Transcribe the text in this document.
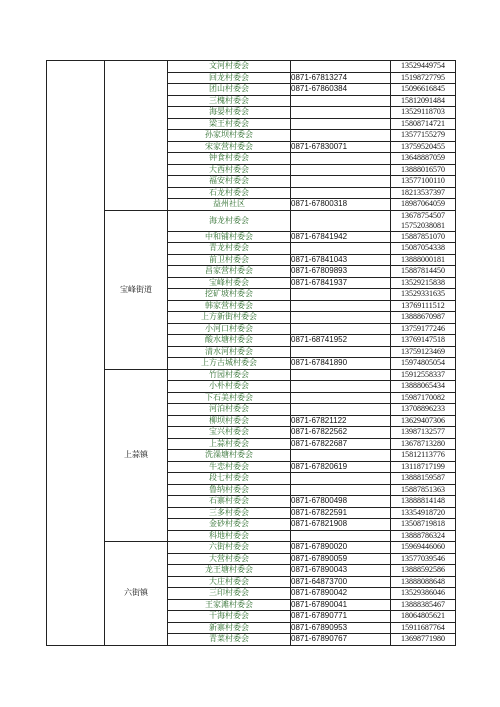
		文河村委会		13529449754
		回龙村委会	0871-67813274	15198727795
		团山村委会	0871-67860384	15096616845
		三槐村委会		15812091484
		海晏村委会		13529118703
		梁王村委会		15808714721
		孙家坝村委会		13577155279
		宋家营村委会	0871-67830071	13759520455
		钟食村委会		13648887059
		大西村委会		13888016570
		福安村委会		13577100110
		石龙村委会		18213537397
		益州社区	0871-67800318	18987064059
	宝峰街道	海龙村委会		13678754507
15752038081

		中和铺村委会	0871-67841942	15887851070
		青龙村委会		15087054338
		前卫村委会	0871-67841043	13888000181
		昌家营村委会	0871-67809893	15887814450
		宝峰村委会	0871-67841937	13529215838
		挖矿坡村委会		13529331635
		韩家营村委会		13769111512
		上方新街村委会		13888670987
		小河口村委会		13759177246
		酸水塘村委会	0871-68741952	13769147518
		清水河村委会		13759123469
		上方古城村委会	0871-67841890	15974805054
	上蒜镇	竹园村委会		15912558337
		小朴村委会		13888065434
		下石美村委会		15987170082
		河泊村委会		13708896233
		柳坝村委会	0871-67821122	13629407306
		宝兴村委会	0871-67822562	13987132577
		上蒜村委会	0871-67822687	13678713280
		洗澡塘村委会		15812113776
		牛恋村委会	0871-67820619	13118717199
		段七村委会		13888159587
		鲁纳村委会		15887851363
		石寨村委会	0871-67800498	13888814148
		三多村委会	0871-67822591	13354918720
		金砂村委会	0871-67821908	13508719818
		科地村委会		13888786324
	六街镇	六街村委会	0871-67890020	15969446060
		大营村委会	0871-67890059	13577039546
		龙王塘村委会	0871-67890043	13888592586
		大庄村委会	0871-64873700	13888088648
		三印村委会	0871-67890042	13529386046
		王家滩村委会	0871-67890041	13888385467
		干海村委会	0871-67890771	18064805621
		新寨村委会	0871-67890953	15911687764
		青菜村委会	0871-67890767	13698771980
